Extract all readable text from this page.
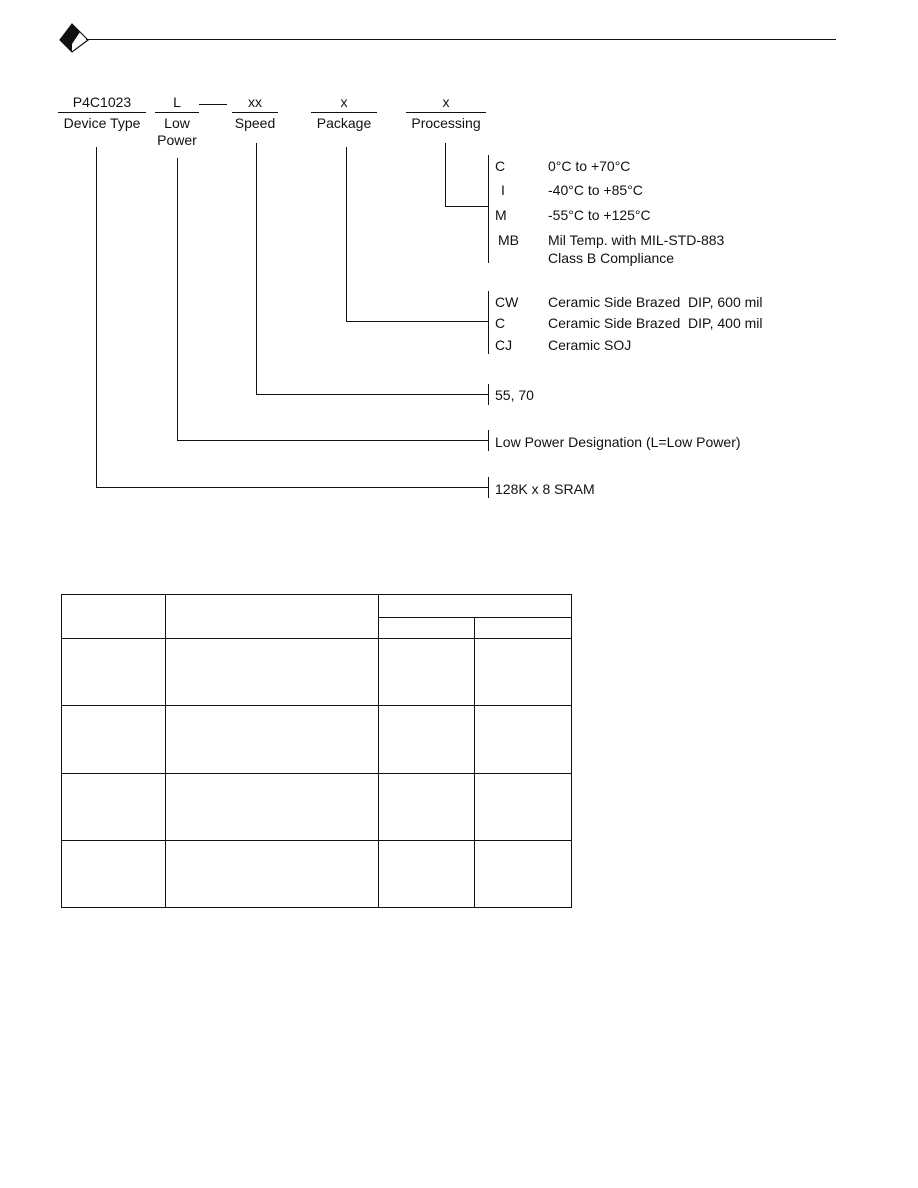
P4C1023
Device Type
L
Low
Power
xx
Speed
x
Package
x
Processing
C	0°C to +70°C
I	-40°C to +85°C
M	-55°C to +125°C
MB Mil Temp. with MIL-STD-883
Class B Compliance
CW Ceramic Side Brazed  DIP, 600 mil
C	Ceramic Side Brazed  DIP, 400 mil
CJ	Ceramic SOJ
55, 70
Low Power Designation (L=Low Power)
128K x 8 SRAM
